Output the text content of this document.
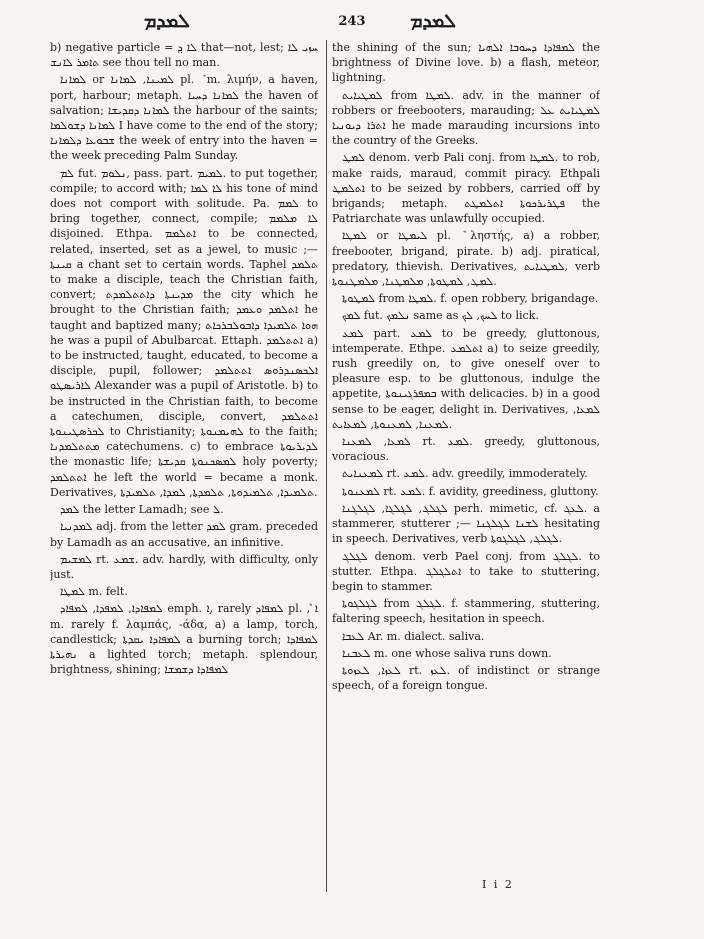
ܠܡܕܡ	243	ܠܡܕܡ

b) negative particle = ܠܐ ܕ݂ that—not, lest; ܚܙܝ ܠܐ ܬܐܡܪ ܠܐܢܫ see thou tell no man.

ܠܡܐܢܐ or ܠܡܝܢܐ, ܠܡܐܢܐ pl. ܶ‍ m. λιμήν, a haven, port, harbour; metaph. ܠܡܐܢܐ ܕܚܝܐ the haven of salvation; ܠܡܐܢܐ ܕܩܕܝܫܐ the harbour of the saints; ܠܡܐܢܐ ܕܫܘܠܡܐ I have come to the end of the story; ܫܒܘܥܐ ܕܠܡܐܢܐ the week of entry into the haven = the week preceding Palm Sunday.

ܠܡ fut. ܢܠܘܡ, pass. part. ܠܡܝܡ. to put together, compile; to accord with; ܠܐ ܠܡܐ his tone of mind does not comport with solitude. Pa. ܠܡܡ to bring together, connect, compile; ܠܐ ܡܠܡܡ disjoined. Ethpa. ܐܬܠܡܡ to be connected, related, inserted, set as a jewel, to music ;— ܩܝܢܬܐ a chant set to certain words. Taphel ܬܠܡܕ to make a disciple, teach the Christian faith, convert; ܡܕܝܢܬܐ ܕܐܬܬܠܡܕܬ the city which he brought to the Christian faith; ܐܬܠܡܕ ܘܥܡܕ he taught and baptized many; ܗܘܐ ܬܠܡܝܕܐ ܕܐܒܘܠܒܪܟܐܬ he was a pupil of Abulbarcat. Ettaph. ܐܬܬܠܡܕ a) to be instructed, taught, educated, to become a disciple, pupil, follower; ܐܠܟܣܢܕܪܘܣ ܐܬܬܠܡܕ ܠܐܪܝܣܛܘ Alexander was a pupil of Aristotle. b) to be instructed in the Christian faith, to become a catechumen, disciple, convert, ܐܬܬܠܡܕ ܠܟܪܣܛܝܢܘܬܐ to Christianity; ܠܗܝܡܢܘܬܐ to the faith; ܡܬܬܠܡܕܢܐ catechumens. c) to embrace ܠܕܝܪܝܘܬܐ the monastic life; ܠܡܣܟܢܘܬܐ ܩܕܝܫܬܐ holy poverty; ܐܬܬܠܡܕ he left the world = became a monk. Derivatives, ܬܠܡܝܕܐ, ܬܠܡܝܕܘܬܐ, ܬܠܡܕܬܐ, ܠܡܕܐ, ܬܠܡܝܕܬܐ.

ܠܡܕ the letter Lamadh; see ܠ.

ܠܡܕܢܝܐ adj. from the letter ܠܡܕ gram. preceded by Lamadh as an accusative, an infinitive.

ܠܡܫܝܡ rt. ܫܡܥ. adv. hardly, with difficulty, only just.

ܠܡܛܐ m. felt.

ܠܡܦܐܕܐ, ܠܡܦܕܐ, ܠܡܦܐܕ emph. ܐ݂, rarely ܠܡܦܐܕ pl. ܶ‍, ܐ݂ m. rarely f. λαμπάς, -άδα, a) a lamp, torch, candlestick; ܠܡܦܐܕܐ ܝܩܕܬܐ a burning torch; ܠܡܦܐܕܐ ܢܗܝܪܬܐ a lighted torch; metaph. splendour, brightness, shining; ܠܡܦܐܕܐ ܕܫܡܫܐ

the shining of the sun; ܠܡܦܐܕܐ ܕܚܘܒܐ ܐܠܗܝܐ the brightness of Divine love. b) a flash, meteor, lightning.

ܠܡܛܝܐܝܬ from ܠܡܛܐ. adv. in the manner of robbers or freebooters, marauding; ܠܡܛܝܐܝܬ ܥܠ ܐܬܪܐ ܕܝܘܢܝܐ he made marauding incursions into the country of the Greeks.

ܠܡܛ denom. verb Pali conj. from ܠܡܛܐ. to rob, make raids, maraud, commit piracy. Ethpali ܐܬܠܡܛ to be seized by robbers, carried off by brigands; metaph. ܦܛܪܝܪܟܘܬܐ ܐܬܠܡܛܬ the Patriarchate was unlawfully occupied.

ܠܡܛܐ or ܠܝܡܛܐ pl. ܶ‍ ληστής, a) a robber, freebooter, brigand, pirate. b) adj. piratical, predatory, thievish. Derivatives, ܠܡܛܝܐܝܬ, verb ܠܡܛ, ܠܡܛܘܬܐ, ܡܠܡܛܢܐ, ܡܠܡܛܢܘܬܐ.

ܠܡܛܘܬܐ from ܠܡܛܐ. f. open robbery, brigandage.

ܠܡܟ fut. ܢܠܡܟ same as ܠܚܟ, ܠܟ to lick.

ܠܡܥ part. ܠܡܥ to be greedy, gluttonous, intemperate. Ethpe. ܐܬܠܡܥ a) to seize greedily, rush greedily on, to give oneself over to pleasure esp. to be gluttonous, indulge the appetite, ܒܡܦܪܓܝܢܘܬܐ with delicacies. b) in a good sense to be eager, delight in. Derivatives, ܠܡܥܐ, ܠܡܥܢܐ, ܠܡܥܢܘܬܐ, ܠܡܥܐܝܬ.

ܠܡܥܐ, ܠܡܥܢܐ rt. ܠܡܥ. greedy, gluttonous, voracious.

ܠܡܥܢܐܝܬ rt. ܠܡܥ. adv. greedily, immoderately.

ܠܡܥܢܘܬܐ rt. ܠܡܥ. f. avidity, greediness, gluttony.

ܠܓܠܓ, ܠܓܠܓܐ, ܠܓܠܓܢܐ perh. mimetic, cf. ܠܥܓ. a stammerer, stutterer ;— ܠܫܢܐ ܠܓܠܓܢܐ hesitating in speech. Derivatives, verb ܠܓܠܓ, ܠܓܠܓܘܬܐ.

ܠܓܠܓ denom. verb Pael conj. from ܠܓܠܓ. to stutter. Ethpa. ܐܬܠܓܠܓ to take to stuttering, begin to stammer.

ܠܓܠܓܘܬܐ from ܠܓܠܓ. f. stammering, stuttering, faltering speech, hesitation in speech.

ܠܥܒܐ Ar. m. dialect. saliva.

ܠܥܒܢܐ m. one whose saliva runs down.

ܠܥܙܐ, ܠܥܙܘܬܐ rt. ܠܥܙ. of indistinct or strange speech, of a foreign tongue.

I i 2
